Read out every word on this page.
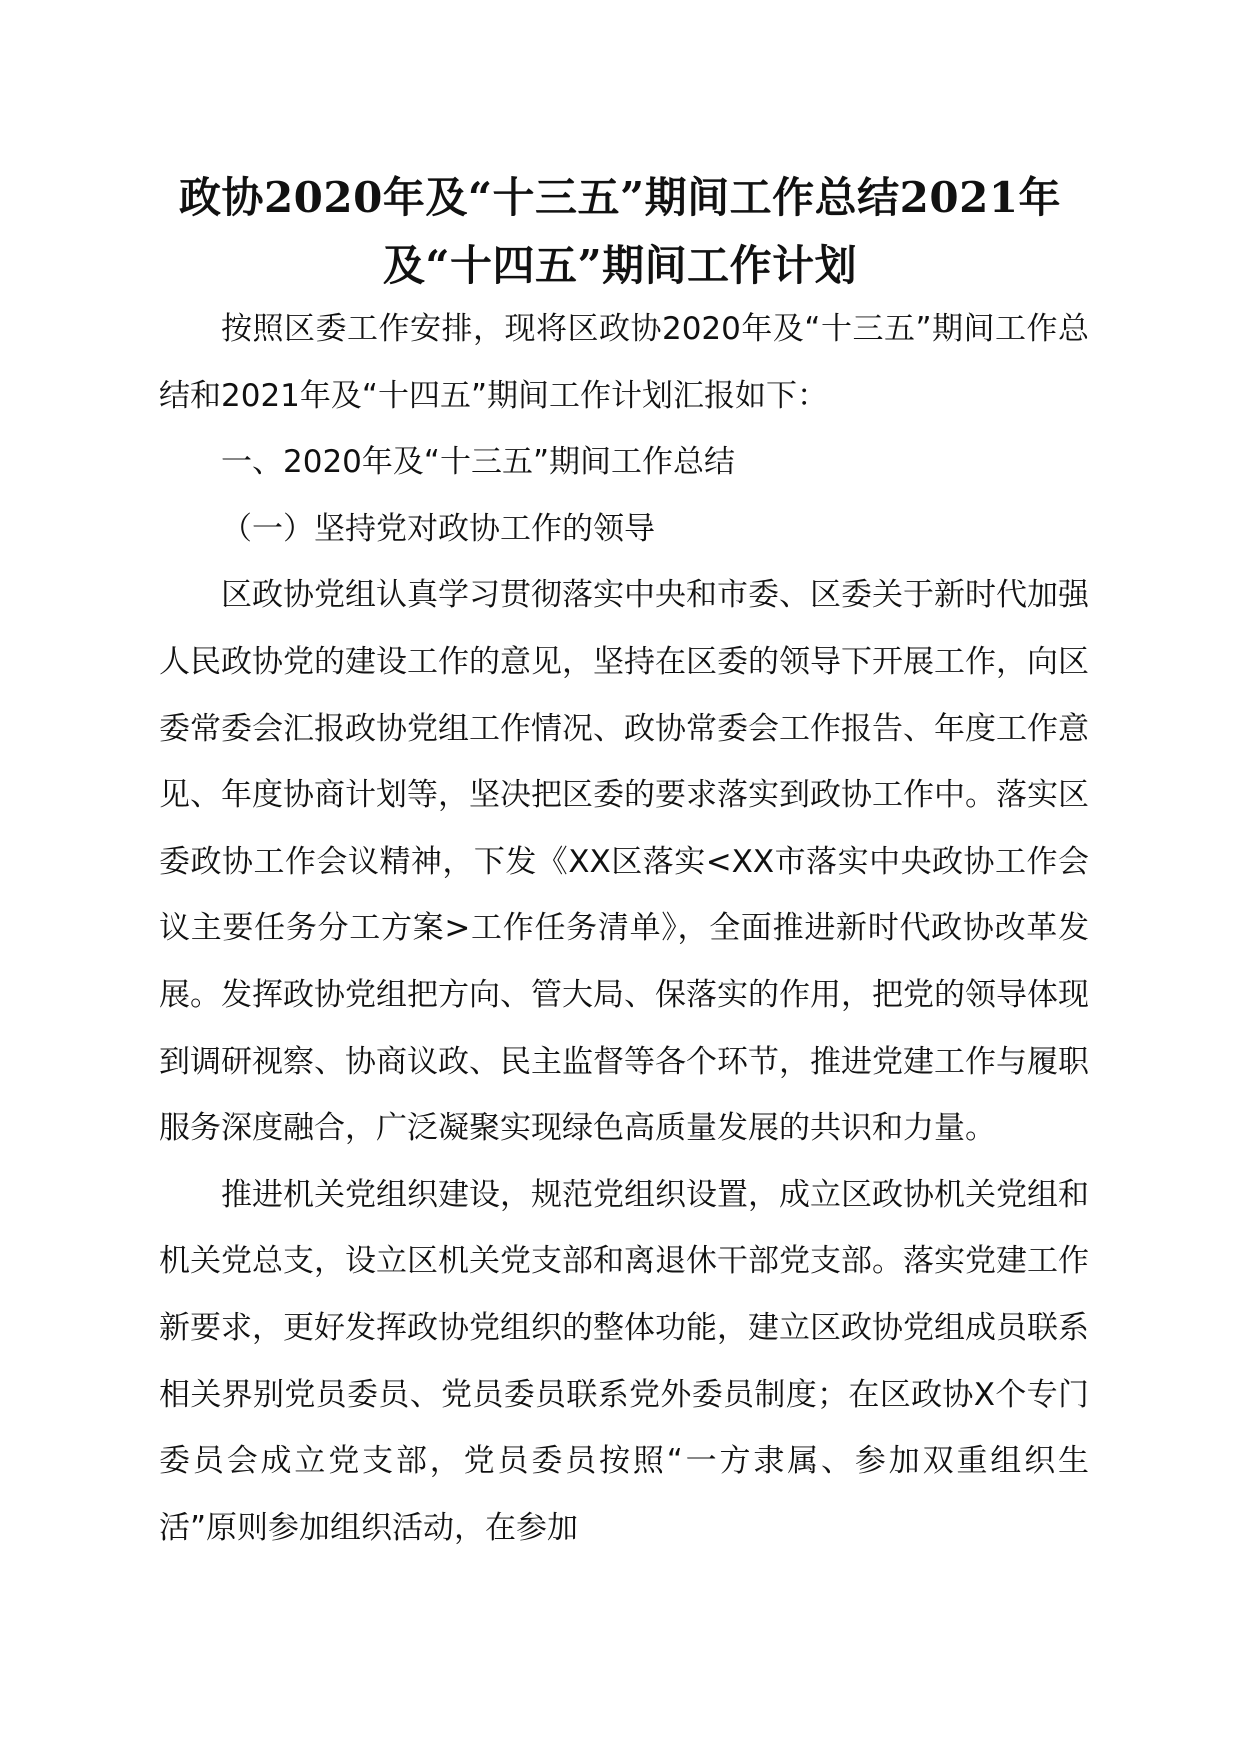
政协2020年及“十三五”期间工作总结2021年及“十四五”期间工作计划

按照区委工作安排，现将区政协2020年及“十三五”期间工作总结和2021年及“十四五”期间工作计划汇报如下：

一、2020年及“十三五”期间工作总结

（一）坚持党对政协工作的领导

区政协党组认真学习贯彻落实中央和市委、区委关于新时代加强人民政协党的建设工作的意见，坚持在区委的领导下开展工作，向区委常委会汇报政协党组工作情况、政协常委会工作报告、年度工作意见、年度协商计划等，坚决把区委的要求落实到政协工作中。落实区委政协工作会议精神，下发《XX区落实<XX市落实中央政协工作会议主要任务分工方案>工作任务清单》，全面推进新时代政协改革发展。发挥政协党组把方向、管大局、保落实的作用，把党的领导体现到调研视察、协商议政、民主监督等各个环节，推进党建工作与履职服务深度融合，广泛凝聚实现绿色高质量发展的共识和力量。

推进机关党组织建设，规范党组织设置，成立区政协机关党组和机关党总支，设立区机关党支部和离退休干部党支部。落实党建工作新要求，更好发挥政协党组织的整体功能，建立区政协党组成员联系相关界别党员委员、党员委员联系党外委员制度；在区政协X个专门委员会成立党支部，党员委员按照“一方隶属、参加双重组织生活”原则参加组织活动，在参加
